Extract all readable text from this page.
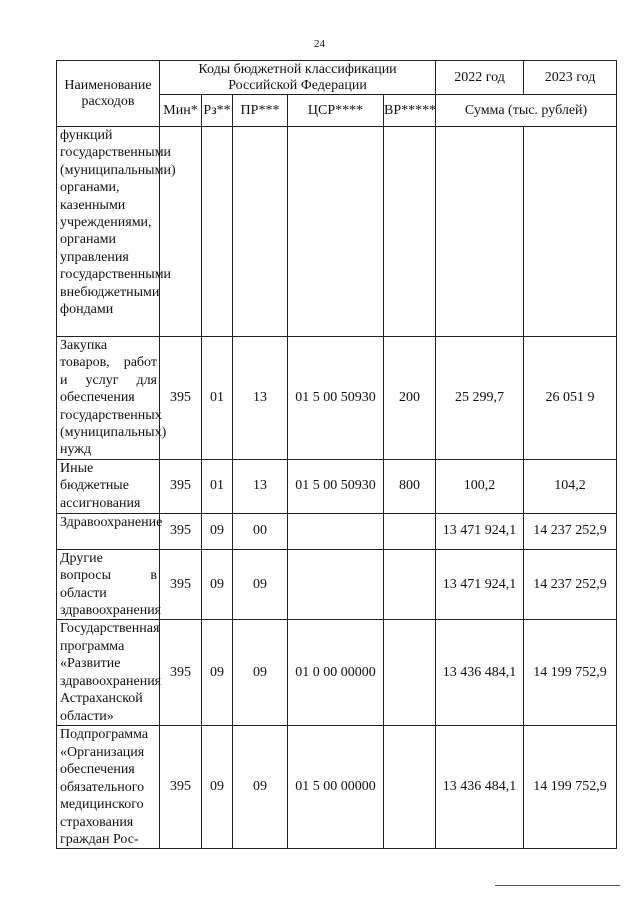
24
Наименование расходов	Коды бюджетной классификации Российской Федерации					2022 год	2023 год
	Мин*	Рз**	ПР***	ЦСР****	ВР*****	Сумма (тыс. рублей)	
функций государственными (муниципальными) органами, казенными учреждениями, органами управления государственными внебюджетными фондами							
Закупка товаров, работ и услуг для обеспечения государственных (муниципальных) нужд	395	01	13	01 5 00 50930	200	25 299,7	26 051 9
Иные бюджетные ассигнования	395	01	13	01 5 00 50930	800	100,2	104,2
Здравоохранение	395	09	00			13 471 924,1	14 237 252,9
Другие вопросы в области здравоохранения	395	09	09			13 471 924,1	14 237 252,9
Государственная программа «Развитие здравоохранения Астраханской области»	395	09	09	01 0 00 00000		13 436 484,1	14 199 752,9
Подпрограмма «Организация обеспечения обязательного медицинского страхования граждан Рос-	395	09	09	01 5 00 00000		13 436 484,1	14 199 752,9
